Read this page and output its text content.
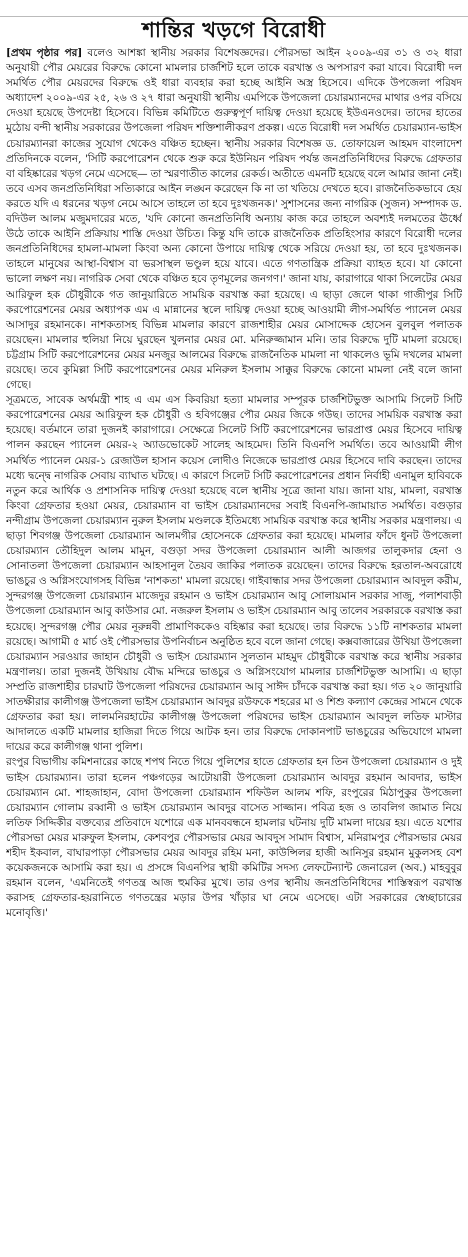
শান্তির খড়গে বিরোধী

[প্রথম পৃষ্ঠার পর] বলেও আশঙ্কা স্থানীয় সরকার বিশেষজ্ঞদের। পৌরসভা আইন ২০০৯-এর ৩১ ও ৩২ ধারা অনুযায়ী পৌর মেয়রের বিরুদ্ধে কোনো মামলার চার্জশিট হলে তাকে বরখাস্ত ও অপসারণ করা যাবে। বিরোধী দল সমর্থিত পৌর মেয়রদের বিরুদ্ধে ওই ধারা ব্যবহার করা হচ্ছে আইনি অস্ত্র হিসেবে। এদিকে উপজেলা পরিষদ অধ্যাদেশ ২০০৯-এর ২৫, ২৬ ও ২৭ ধারা অনুযায়ী স্থানীয় এমপিকে উপজেলা চেয়ারম্যানদের মাথার ওপর বসিয়ে দেওয়া হয়েছে উপদেষ্টা হিসেবে। বিভিন্ন কমিটিতে গুরুত্বপূর্ণ দায়িত্ব দেওয়া হয়েছে ইউএনওদের। তাদের হাতের মুঠোয় বন্দী স্থানীয় সরকারের উপজেলা পরিষদ শক্তিশালীকরণ প্রকল্প। এতে বিরোধী দল সমর্থিত চেয়ারম্যান-ভাইস চেয়ারম্যানরা কাজের সুযোগ থেকেও বঞ্চিত হচ্ছেন। স্থানীয় সরকার বিশেষজ্ঞ ড. তোফায়েল আহমদ বাংলাদেশ প্রতিদিনকে বলেন, 'সিটি করপোরেশন থেকে শুরু করে ইউনিয়ন পরিষদ পর্যন্ত জনপ্রতিনিধিদের বিরুদ্ধে গ্রেফতার বা বহিষ্কারের খড়গ নেমে এসেছে— তা স্মরণাতীত কালের রেকর্ড। অতীতে এমনটি হয়েছে বলে আমার জানা নেই। তবে এসব জনপ্রতিনিধিরা সত্যিকারে আইন লঙ্ঘন করেছেন কি না তা খতিয়ে দেখতে হবে। রাজনৈতিকভাবে হেয় করতে যদি এ ধরনের খড়গ নেমে আসে তাহলে তা হবে দুঃখজনক।' সুশাসনের জন্য নাগরিক (সুজন) সম্পাদক ড. বদিউল আলম মজুমদারের মতে, 'যদি কোনো জনপ্রতিনিধি অন্যায় কাজ করে তাহলে অবশ্যই দলমতের ঊর্ধ্বে উঠে তাকে আইনি প্রক্রিয়ায় শাস্তি দেওয়া উচিত। কিন্তু যদি তাকে রাজনৈতিক প্রতিহিংসার কারণে বিরোধী দলের জনপ্রতিনিধিদের হামলা-মামলা কিংবা অন্য কোনো উপায়ে দায়িত্ব থেকে সরিয়ে দেওয়া হয়, তা হবে দুঃখজনক। তাহলে মানুষের আস্থা-বিশ্বাস বা ভরসাস্থল ভণ্ডুল হয়ে যাবে। এতে গণতান্ত্রিক প্রক্রিয়া ব্যাহত হবে। যা কোনো ভালো লক্ষণ নয়। নাগরিক সেবা থেকে বঞ্চিত হবে তৃণমূলের জনগণ।' জানা যায়, কারাগারে থাকা সিলেটের মেয়র আরিফুল হক চৌধুরীকে গত জানুয়ারিতে সাময়িক বরখাস্ত করা হয়েছে। এ ছাড়া জেলে থাকা গাজীপুর সিটি করপোরেশনের মেয়র অধ্যাপক এম এ মান্নানের স্থলে দায়িত্ব দেওয়া হচ্ছে আওয়ামী লীগ-সমর্থিত প্যানেল মেয়র আসাদুর রহমানকে। নাশকতাসহ বিভিন্ন মামলার কারণে রাজশাহীর মেয়র মোসাদ্দেক হোসেন বুলবুল পলাতক রয়েছেন। মামলার হুলিয়া নিয়ে ঘুরছেন খুলনার মেয়র মো. মনিরুজ্জামান মনি। তার বিরুদ্ধে দুটি মামলা রয়েছে। চট্টগ্রাম সিটি করপোরেশনের মেয়র মনজুর আলমের বিরুদ্ধে রাজনৈতিক মামলা না থাকলেও ভূমি দখলের মামলা রয়েছে। তবে কুমিল্লা সিটি করপোরেশনের মেয়র মনিরুল ইসলাম সাক্কুর বিরুদ্ধে কোনো মামলা নেই বলে জানা গেছে।

সূত্রমতে, সাবেক অর্থমন্ত্রী শাহ এ এম এস কিবরিয়া হত্যা মামলার সম্পূরক চার্জশিটভুক্ত আসামি সিলেট সিটি করপোরেশনের মেয়র আরিফুল হক চৌধুরী ও হবিগঞ্জের পৌর মেয়র জিকে গউছ। তাদের সাময়িক বরখাস্ত করা হয়েছে। বর্তমানে তারা দুজনই কারাগারে। সেক্ষেত্রে সিলেট সিটি করপোরেশনের ভারপ্রাপ্ত মেয়র হিসেবে দায়িত্ব পালন করছেন প্যানেল মেয়র-২ অ্যাডভোকেট সালেহ আহমেদ। তিনি বিএনপি সমর্থিত। তবে আওয়ামী লীগ সমর্থিত প্যানেল মেয়র-১ রেজাউল হাসান কয়েস লোদীও নিজেকে ভারপ্রাপ্ত মেয়র হিসেবে দাবি করছেন। তাদের মধ্যে দ্বন্দ্বে নাগরিক সেবায় ব্যাঘাত ঘটছে। এ কারণে সিলেট সিটি করপোরেশনের প্রধান নির্বাহী এনামুল হাবিবকে নতুন করে আর্থিক ও প্রশাসনিক দায়িত্ব দেওয়া হয়েছে বলে স্থানীয় সূত্রে জানা যায়। জানা যায়, মামলা, বরখাস্ত কিংবা গ্রেফতার হওয়া মেয়র, চেয়ারম্যান বা ভাইস চেয়ারম্যানদের সবাই বিএনপি-জামায়াত সমর্থিত। বগুড়ার নন্দীগ্রাম উপজেলা চেয়ারম্যান নুরুল ইসলাম মণ্ডলকে ইতিমধ্যে সাময়িক বরখাস্ত করে স্থানীয় সরকার মন্ত্রণালয়। এ ছাড়া শিবগঞ্জ উপজেলা চেয়ারম্যান আলমগীর হোসেনকে গ্রেফতার করা হয়েছে। মামলার ফাঁদে ধুনট উপজেলা চেয়ারম্যান তৌহিদুল আলম মামুন, বগুড়া সদর উপজেলা চেয়ারম্যান আলী আজগর তালুকদার হেনা ও সোনাতলা উপজেলা চেয়ারম্যান আহসানুল তৈয়ব জাকির পলাতক রয়েছেন। তাদের বিরুদ্ধে হরতাল-অবরোধে ভাঙচুর ও অগ্নিসংযোগসহ বিভিন্ন 'নাশকতা' মামলা রয়েছে। গাইবান্ধার সদর উপজেলা চেয়ারম্যান আবদুল করীম, সুন্দরগঞ্জ উপজেলা চেয়ারম্যান মাজেদুর রহমান ও ভাইস চেয়ারম্যান আবু সোলায়মান সরকার সাজু, পলাশবাড়ী উপজেলা চেয়ারম্যান আবু কাউসার মো. নজরুল ইসলাম ও ভাইস চেয়ারম্যান আবু তালেব সরকারকে বরখাস্ত করা হয়েছে। সুন্দরগঞ্জ পৌর মেয়র নূরুন্নবী প্রামাণিককেও বহিষ্কার করা হয়েছে। তার বিরুদ্ধে ১১টি নাশকতার মামলা রয়েছে। আগামী ৫ মার্চ ওই পৌরসভার উপনির্বাচন অনুষ্ঠিত হবে বলে জানা গেছে। কক্সবাজারের উখিয়া উপজেলা চেয়ারম্যান সরওয়ার জাহান চৌধুরী ও ভাইস চেয়ারম্যান সুলতান মাহমুদ চৌধুরীকে বরখাস্ত করে স্থানীয় সরকার মন্ত্রণালয়। তারা দুজনই উখিয়ায় বৌদ্ধ মন্দিরে ভাঙচুর ও অগ্নিসংযোগ মামলার চার্জশিটভুক্ত আসামি। এ ছাড়া সম্প্রতি রাজশাহীর চারঘাট উপজেলা পরিষদের চেয়ারম্যান আবু সাঈদ চাঁদকে বরখাস্ত করা হয়। গত ২০ জানুয়ারি সাতক্ষীরার কালীগঞ্জ উপজেলা ভাইস চেয়ারম্যান আবদুর রউফকে শহরের মা ও শিশু কল্যাণ কেন্দ্রের সামনে থেকে গ্রেফতার করা হয়। লালমনিরহাটের কালীগঞ্জ উপজেলা পরিষদের ভাইস চেয়ারম্যান আবদুল লতিফ মাস্টার আদালতে একটি মামলার হাজিরা দিতে গিয়ে আটক হন। তার বিরুদ্ধে দোকানপাট ভাঙচুরের অভিযোগে মামলা দায়ের করে কালীগঞ্জ থানা পুলিশ।

রংপুর বিভাগীয় কমিশনারের কাছে শপথ নিতে গিয়ে পুলিশের হাতে গ্রেফতার হন তিন উপজেলা চেয়ারম্যান ও দুই ভাইস চেয়ারম্যান। তারা হলেন পঞ্চগড়ের আটোয়ারী উপজেলা চেয়ারম্যান আবদুর রহমান আবদার, ভাইস চেয়ারম্যান মো. শাহজাহান, বোদা উপজেলা চেয়ারম্যান শফিউল আলম শফি, রংপুরের মিঠাপুকুর উপজেলা চেয়ারম্যান গোলাম রব্বানী ও ভাইস চেয়ারম্যান আবদুর বাসেত সাজ্জান। পবিত্র হজ ও তাবলিগ জামাত নিয়ে লতিফ সিদ্দিকীর বক্তব্যের প্রতিবাদে যশোরে এক মানববন্ধনে হামলার ঘটনায় দুটি মামলা দায়ের হয়। এতে যশোর পৌরসভা মেয়র মারুফুল ইসলাম, কেশবপুর পৌরসভার মেয়র আবদুস সামাদ বিশ্বাস, মনিরামপুর পৌরসভার মেয়র শহীদ ইকবাল, বাঘারপাড়া পৌরসভার মেয়র আবদুর রহিম মনা, কাউন্সিলর হাজী আনিসুর রহমান মুকুলসহ বেশ কয়েকজনকে আসামি করা হয়। এ প্রসঙ্গে বিএনপির স্থায়ী কমিটির সদস্য লেফটেন্যান্ট জেনারেল (অব.) মাহবুবুর রহমান বলেন, 'এমনিতেই গণতন্ত্র আজ হুমকির মুখে। তার ওপর স্থানীয় জনপ্রতিনিধিদের শাস্তিস্বরূপ বরখাস্ত করাসহ গ্রেফতার-হয়রানিতে গণতন্ত্রের মড়ার উপর খাঁড়ার ঘা নেমে এসেছে। এটা সরকারের স্বেচ্ছাচারের মনোবৃত্তি।'
